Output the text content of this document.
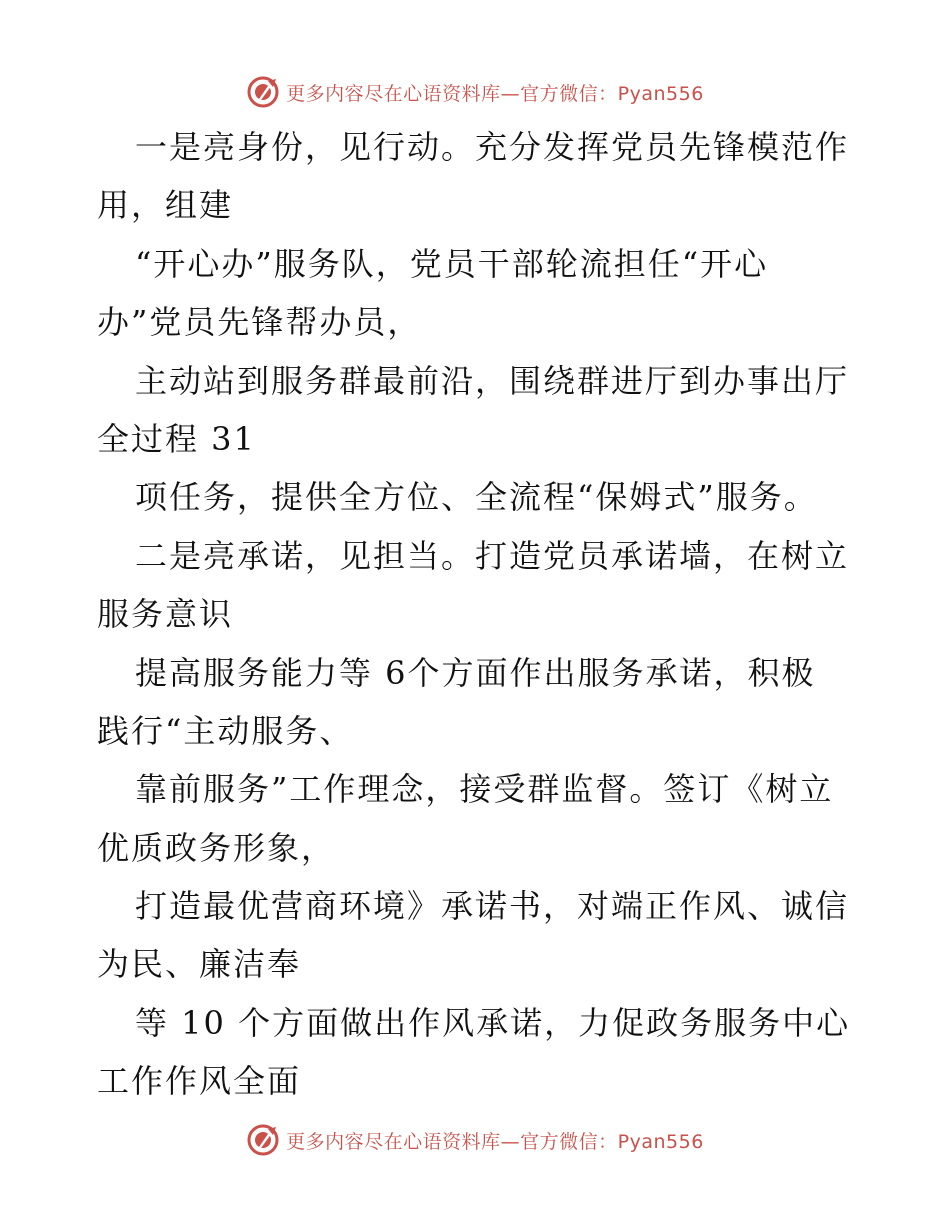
更多内容尽在心语资料库—官方微信：Pyan556
一是亮身份，见行动。充分发挥党员先锋模范作
用，组建
“开心办”服务队，党员干部轮流担任“开心
办”党员先锋帮办员，
主动站到服务群最前沿，围绕群进厅到办事出厅
全过程 31
项任务，提供全方位、全流程“保姆式”服务。
二是亮承诺，见担当。打造党员承诺墙，在树立
服务意识
提高服务能力等 6个方面作出服务承诺，积极
践行“主动服务、
靠前服务”工作理念，接受群监督。签订《树立
优质政务形象，
打造最优营商环境》承诺书，对端正作风、诚信
为民、廉洁奉
等 10 个方面做出作风承诺，力促政务服务中心
工作作风全面
更多内容尽在心语资料库—官方微信：Pyan556
